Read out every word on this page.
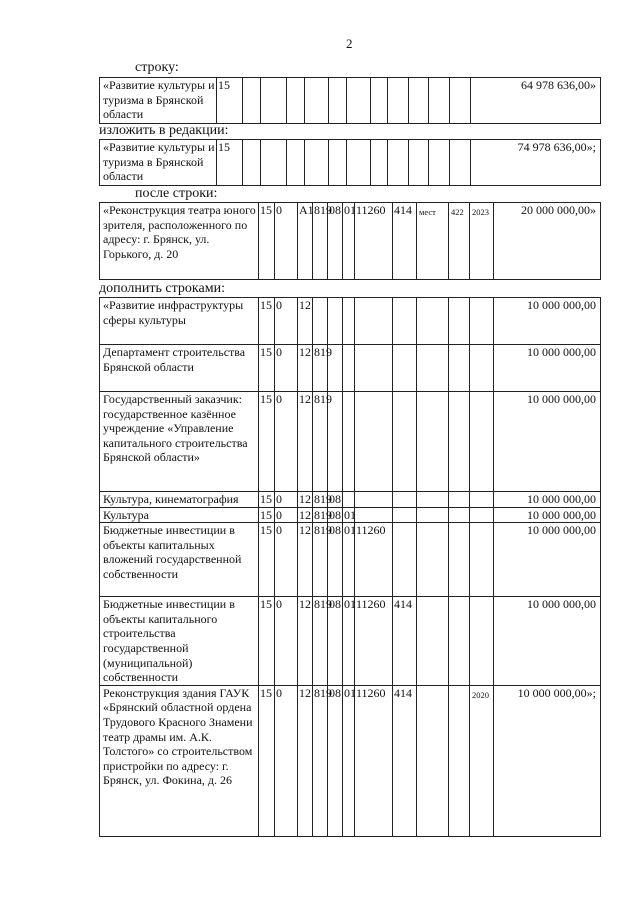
2
строку:
«Развитие культуры и туризма в Брянской области	15												64 978 636,00»
изложить в редакции:
«Развитие культуры и туризма в Брянской области	15												74 978 636,00»;
после строки:
«Реконструкция театра юного зрителя, расположенного по адресу: г. Брянск, ул. Горького, д. 20	15	0	А1	819	08	01	11260	414	мест	422	2023	20 000 000,00»
дополнить строками:
«Развитие инфраструктуры сферы культуры	15	0	12									10 000 000,00
Департамент строительства Брянской области	15	0	12	819								10 000 000,00
Государственный заказчик: государственное казённое учреждение «Управление капитального строительства Брянской области»	15	0	12	819								10 000 000,00
Культура, кинематография	15	0	12	819	08							10 000 000,00
Культура	15	0	12	819	08	01						10 000 000,00
Бюджетные инвестиции в объекты капитальных вложений государственной собственности	15	0	12	819	08	01	11260					10 000 000,00
Бюджетные инвестиции в объекты капитального строительства государственной (муниципальной) собственности	15	0	12	819	08	01	11260	414				10 000 000,00
Реконструкция здания ГАУК «Брянский областной ордена Трудового Красного Знамени театр драмы им. А.К. Толстого» со строительством пристройки по адресу: г. Брянск, ул. Фокина, д. 26	15	0	12	819	08	01	11260	414			2020	10 000 000,00»;
